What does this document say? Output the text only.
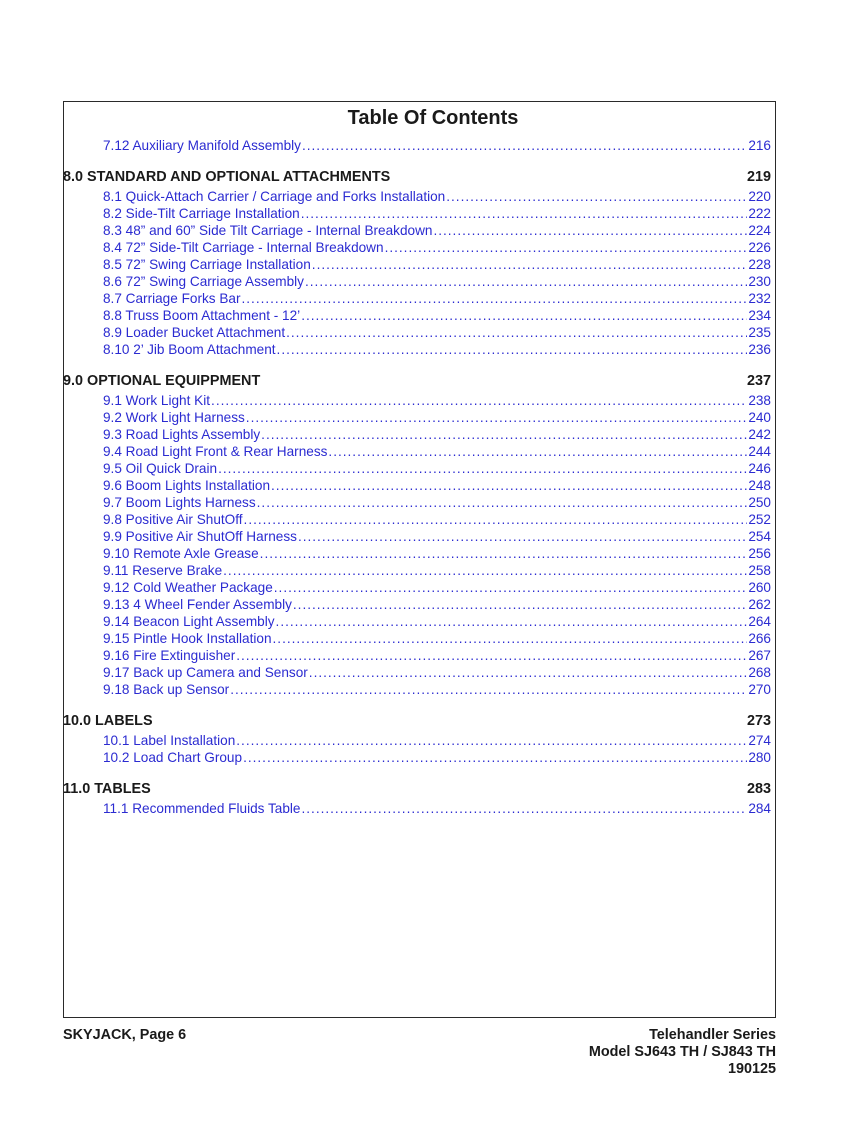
Table Of Contents
7.12 Auxiliary Manifold Assembly .....	216
8.0 STANDARD AND OPTIONAL ATTACHMENTS	219
8.1 Quick-Attach Carrier / Carriage and Forks Installation .....	220
8.2 Side-Tilt Carriage Installation .....	222
8.3 48” and 60” Side Tilt Carriage - Internal Breakdown .....	224
8.4 72” Side-Tilt Carriage - Internal Breakdown .....	226
8.5 72” Swing Carriage Installation .....	228
8.6 72” Swing Carriage Assembly .....	230
8.7 Carriage Forks Bar .....	232
8.8 Truss Boom Attachment - 12’ .....	234
8.9 Loader Bucket Attachment .....	235
8.10 2’ Jib Boom Attachment .....	236
9.0 OPTIONAL EQUIPPMENT	237
9.1 Work Light Kit .....	238
9.2 Work Light Harness .....	240
9.3 Road Lights Assembly .....	242
9.4 Road Light Front & Rear Harness .....	244
9.5 Oil Quick Drain .....	246
9.6 Boom Lights Installation .....	248
9.7 Boom Lights Harness .....	250
9.8 Positive Air ShutOff .....	252
9.9 Positive Air ShutOff Harness .....	254
9.10 Remote Axle Grease .....	256
9.11 Reserve Brake .....	258
9.12 Cold Weather Package .....	260
9.13 4 Wheel Fender Assembly .....	262
9.14 Beacon Light Assembly .....	264
9.15 Pintle Hook Installation .....	266
9.16 Fire Extinguisher .....	267
9.17 Back up Camera and Sensor .....	268
9.18 Back up Sensor .....	270
10.0 LABELS	273
10.1 Label Installation .....	274
10.2 Load Chart Group .....	280
11.0 TABLES	283
11.1 Recommended Fluids Table .....	284
SKYJACK, Page 6	Telehandler Series
Model SJ643 TH / SJ843 TH
190125
